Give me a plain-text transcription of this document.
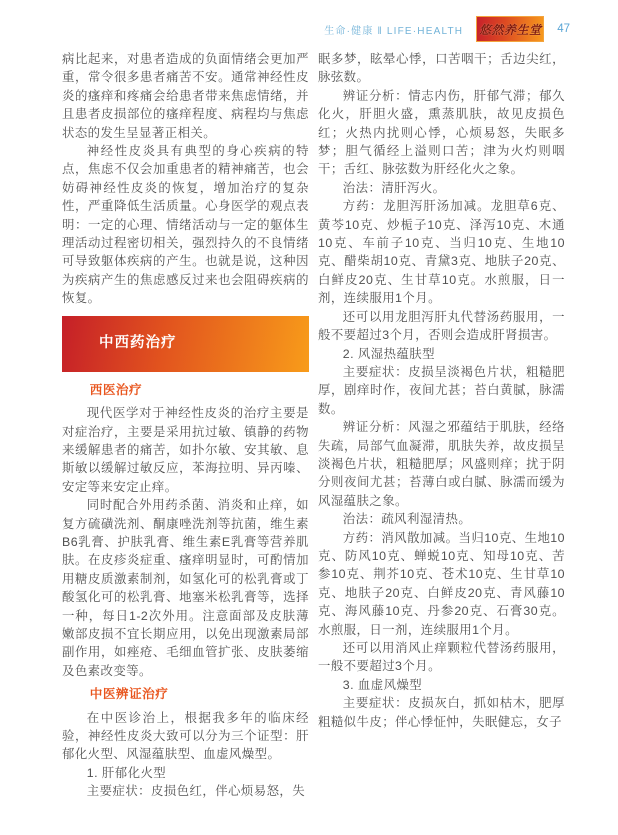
生命·健康 ‖ LIFE·HEALTH 悠然养生堂 47

病比起来，对患者造成的负面情绪会更加严重，常令很多患者痛苦不安。通常神经性皮炎的瘙痒和疼痛会给患者带来焦虑情绪，并且患者皮损部位的瘙痒程度、病程均与焦虑状态的发生呈显著正相关。

神经性皮炎具有典型的身心疾病的特点，焦虑不仅会加重患者的精神痛苦，也会妨碍神经性皮炎的恢复，增加治疗的复杂性，严重降低生活质量。心身医学的观点表明：一定的心理、情绪活动与一定的躯体生理活动过程密切相关，强烈持久的不良情绪可导致躯体疾病的产生。也就是说，这种因为疾病产生的焦虑感反过来也会阻碍疾病的恢复。

中西药治疗
西医治疗

现代医学对于神经性皮炎的治疗主要是对症治疗，主要是采用抗过敏、镇静的药物来缓解患者的痛苦，如扑尔敏、安其敏、息斯敏以缓解过敏反应，苯海拉明、异丙嗪、安定等来安定止痒。

同时配合外用药杀菌、消炎和止痒，如复方硫磺洗剂、酮康唑洗剂等抗菌，维生素B6乳膏、护肤乳膏、维生素E乳膏等营养肌肤。在皮疹炎症重、瘙痒明显时，可酌情加用糖皮质激素制剂，如氢化可的松乳膏或丁酸氢化可的松乳膏、地塞米松乳膏等，选择一种，每日1-2次外用。注意面部及皮肤薄嫩部皮损不宜长期应用，以免出现激素局部副作用，如痤疮、毛细血管扩张、皮肤萎缩及色素改变等。

中医辨证治疗

在中医诊治上，根据我多年的临床经验，神经性皮炎大致可以分为三个证型：肝郁化火型、风湿蕴肤型、血虚风燥型。

1. 肝郁化火型

主要症状：皮损色红，伴心烦易怒，失

眠多梦，眩晕心悸，口苦咽干；舌边尖红，脉弦数。

辨证分析：情志内伤，肝郁气滞；郁久化火，肝胆火盛，熏蒸肌肤，故见皮损色红；火热内扰则心悸，心烦易怒，失眠多梦；胆气循经上溢则口苦；津为火灼则咽干；舌红、脉弦数为肝经化火之象。

治法：清肝泻火。

方药：龙胆泻肝汤加减。龙胆草6克、黄芩10克、炒栀子10克、泽泻10克、木通10克、车前子10克、当归10克、生地10克、醋柴胡10克、青黛3克、地肤子20克、白鲜皮20克、生甘草10克。水煎服，日一剂，连续服用1个月。

还可以用龙胆泻肝丸代替汤药服用，一般不要超过3个月，否则会造成肝肾损害。

2. 风湿热蕴肤型

主要症状：皮损呈淡褐色片状，粗糙肥厚，剧痒时作，夜间尤甚；苔白黄腻，脉濡数。

辨证分析：风湿之邪蕴结于肌肤，经络失疏，局部气血凝滞，肌肤失养，故皮损呈淡褐色片状，粗糙肥厚；风盛则痒；扰于阴分则夜间尤甚；苔薄白或白腻、脉濡而缓为风湿蕴肤之象。

治法：疏风利湿清热。

方药：消风散加减。当归10克、生地10克、防风10克、蝉蜕10克、知母10克、苦参10克、荆芥10克、苍术10克、生甘草10克、地肤子20克、白鲜皮20克、青风藤10克、海风藤10克、丹参20克、石膏30克。水煎服，日一剂，连续服用1个月。

还可以用消风止痒颗粒代替汤药服用，一般不要超过3个月。

3. 血虚风燥型

主要症状：皮损灰白，抓如枯木，肥厚粗糙似牛皮；伴心悸怔忡，失眠健忘，女子
